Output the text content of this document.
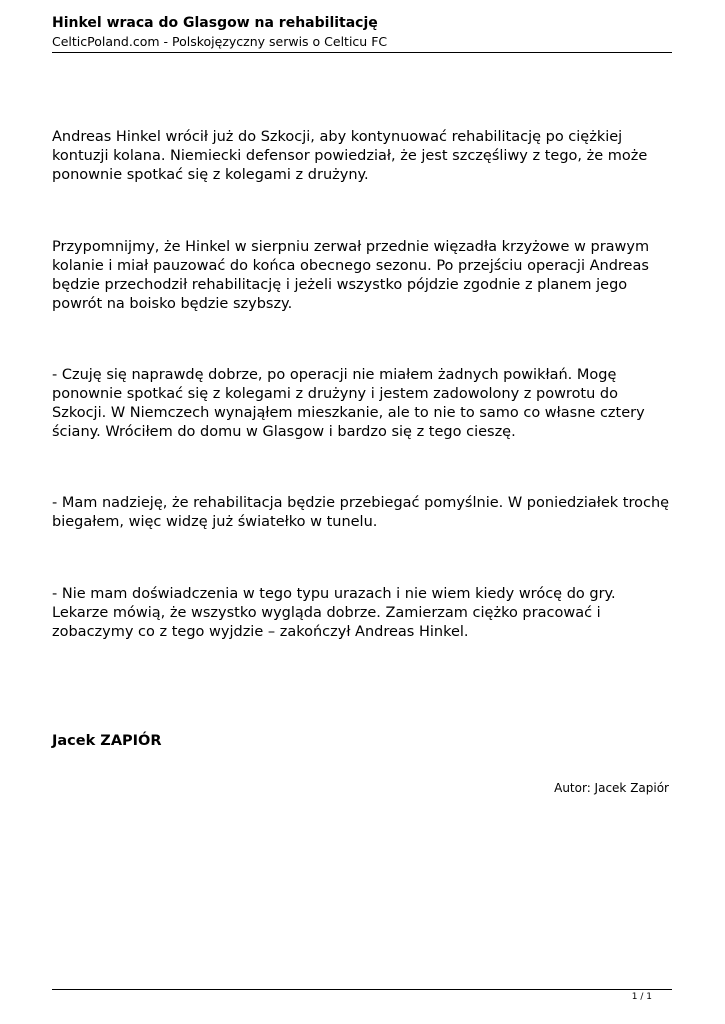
Hinkel wraca do Glasgow na rehabilitację
CelticPoland.com - Polskojęzyczny serwis o Celticu FC

Andreas Hinkel wrócił już do Szkocji, aby kontynuować rehabilitację po ciężkiej kontuzji kolana. Niemiecki defensor powiedział, że jest szczęśliwy z tego, że może ponownie spotkać się z kolegami z drużyny.

Przypomnijmy, że Hinkel w sierpniu zerwał przednie więzadła krzyżowe w prawym kolanie i miał pauzować do końca obecnego sezonu. Po przejściu operacji Andreas będzie przechodził rehabilitację i jeżeli wszystko pójdzie zgodnie z planem jego powrót na boisko będzie szybszy.

- Czuję się naprawdę dobrze, po operacji nie miałem żadnych powikłań. Mogę ponownie spotkać się z kolegami z drużyny i jestem zadowolony z powrotu do Szkocji. W Niemczech wynająłem mieszkanie, ale to nie to samo co własne cztery ściany. Wróciłem do domu w Glasgow i bardzo się z tego cieszę.

- Mam nadzieję, że rehabilitacja będzie przebiegać pomyślnie. W poniedziałek trochę biegałem, więc widzę już światełko w tunelu.

- Nie mam doświadczenia w tego typu urazach i nie wiem kiedy wrócę do gry. Lekarze mówią, że wszystko wygląda dobrze. Zamierzam ciężko pracować i zobaczymy co z tego wyjdzie – zakończył Andreas Hinkel.

Jacek ZAPIÓR
Autor: Jacek Zapiór
1 / 1
